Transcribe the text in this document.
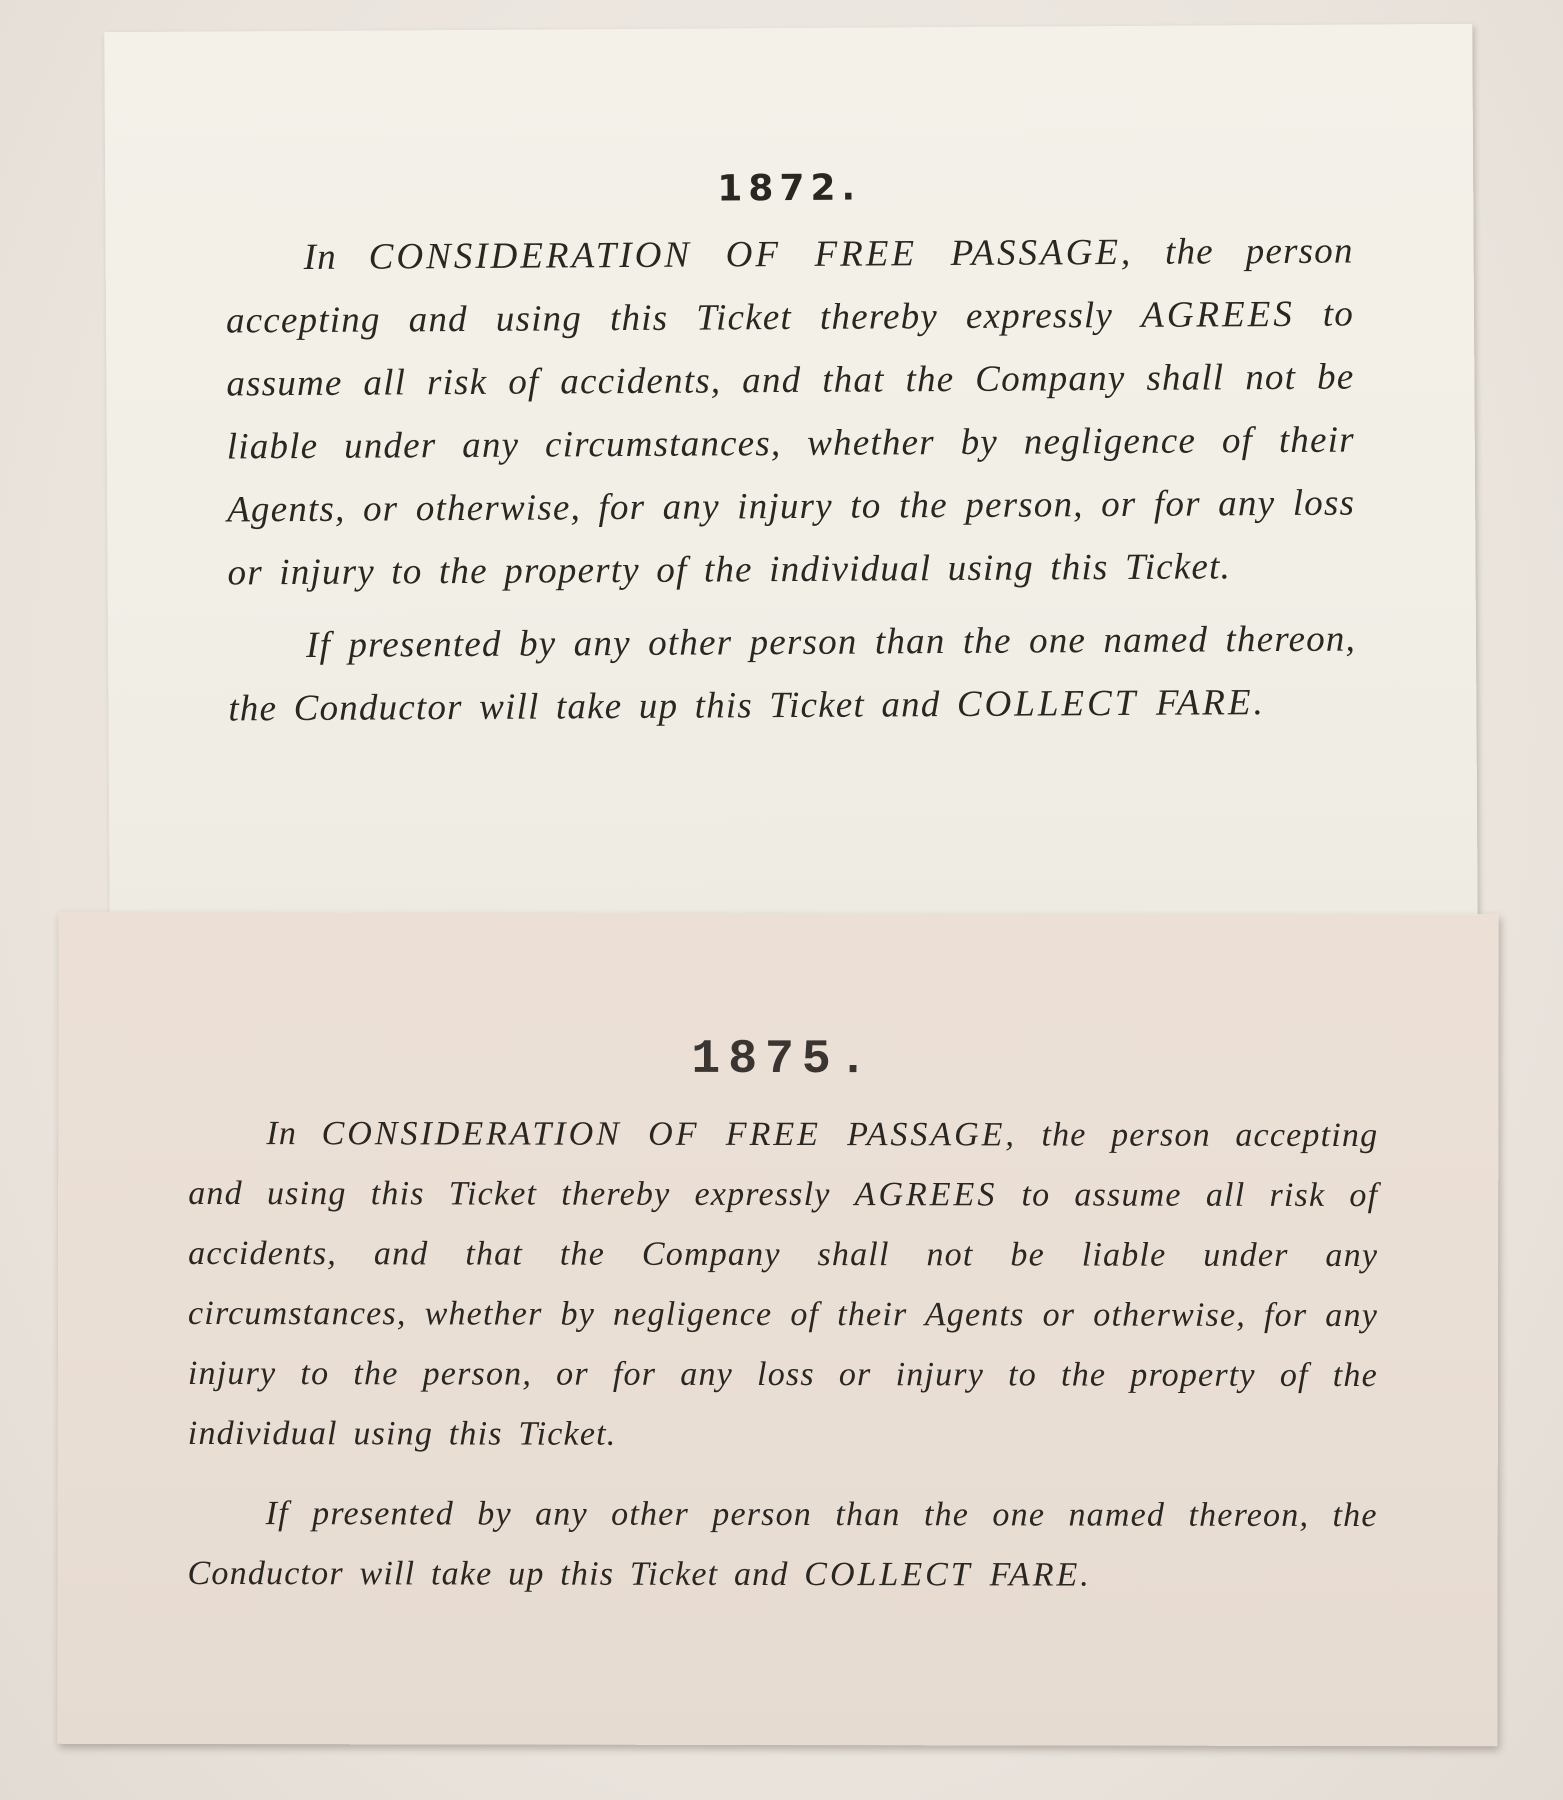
1872.

In CONSIDERATION OF FREE PASSAGE, the person accepting and using this Ticket thereby expressly AGREES to assume all risk of accidents, and that the Company shall not be liable under any circumstances, whether by negligence of their Agents, or otherwise, for any injury to the person, or for any loss or injury to the property of the individual using this Ticket.

If presented by any other person than the one named thereon, the Conductor will take up this Ticket and COLLECT FARE.

1875.

In CONSIDERATION OF FREE PASSAGE, the person accepting and using this Ticket thereby expressly AGREES to assume all risk of accidents, and that the Company shall not be liable under any circumstances, whether by negligence of their Agents or otherwise, for any injury to the person, or for any loss or injury to the property of the individual using this Ticket.

If presented by any other person than the one named thereon, the Conductor will take up this Ticket and COLLECT FARE.
